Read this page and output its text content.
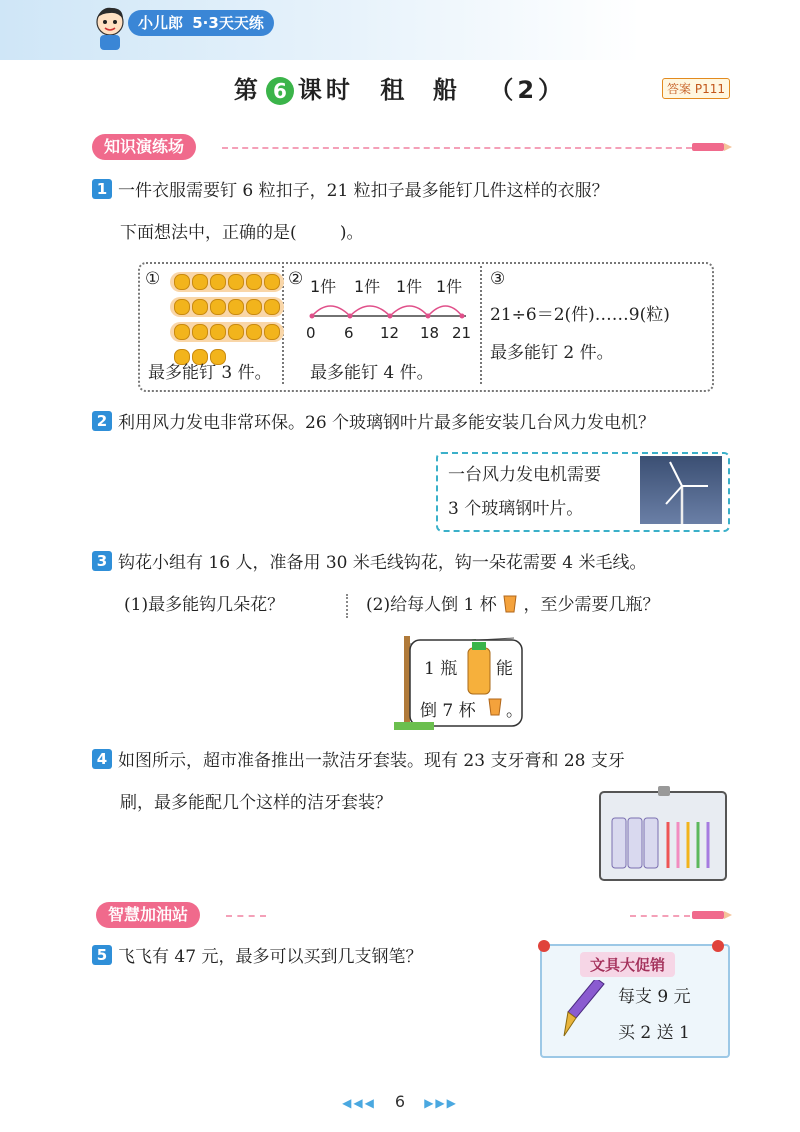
小儿郎 5·3天天练
第 6 课时 租  船 （2）	答案 P111
知识演练场
1 一件衣服需要钉 6 粒扣子，21 粒扣子最多能钉几件这样的衣服？
下面想法中，正确的是(        )。
①
最多能钉 3 件。
② 1件 1件 1件 1件
0 6 12 18 21
最多能钉 4 件。
③
21÷6＝2(件)……9(粒)
最多能钉 2 件。
2 利用风力发电非常环保。26 个玻璃钢叶片最多能安装几台风力发电机？
一台风力发电机需要
3 个玻璃钢叶片。
3 钩花小组有 16 人，准备用 30 米毛线钩花，钩一朵花需要 4 米毛线。
(1)最多能钩几朵花？	(2)给每人倒 1 杯 ，至少需要几瓶？
1 瓶 能
倒 7 杯 。
4 如图所示，超市准备推出一款洁牙套装。现有 23 支牙膏和 28 支牙
刷，最多能配几个这样的洁牙套装？
智慧加油站
5 飞飞有 47 元，最多可以买到几支钢笔？	文具大促销
每支 9 元
买 2 送 1
◀◀◀ 6 ▶▶▶
